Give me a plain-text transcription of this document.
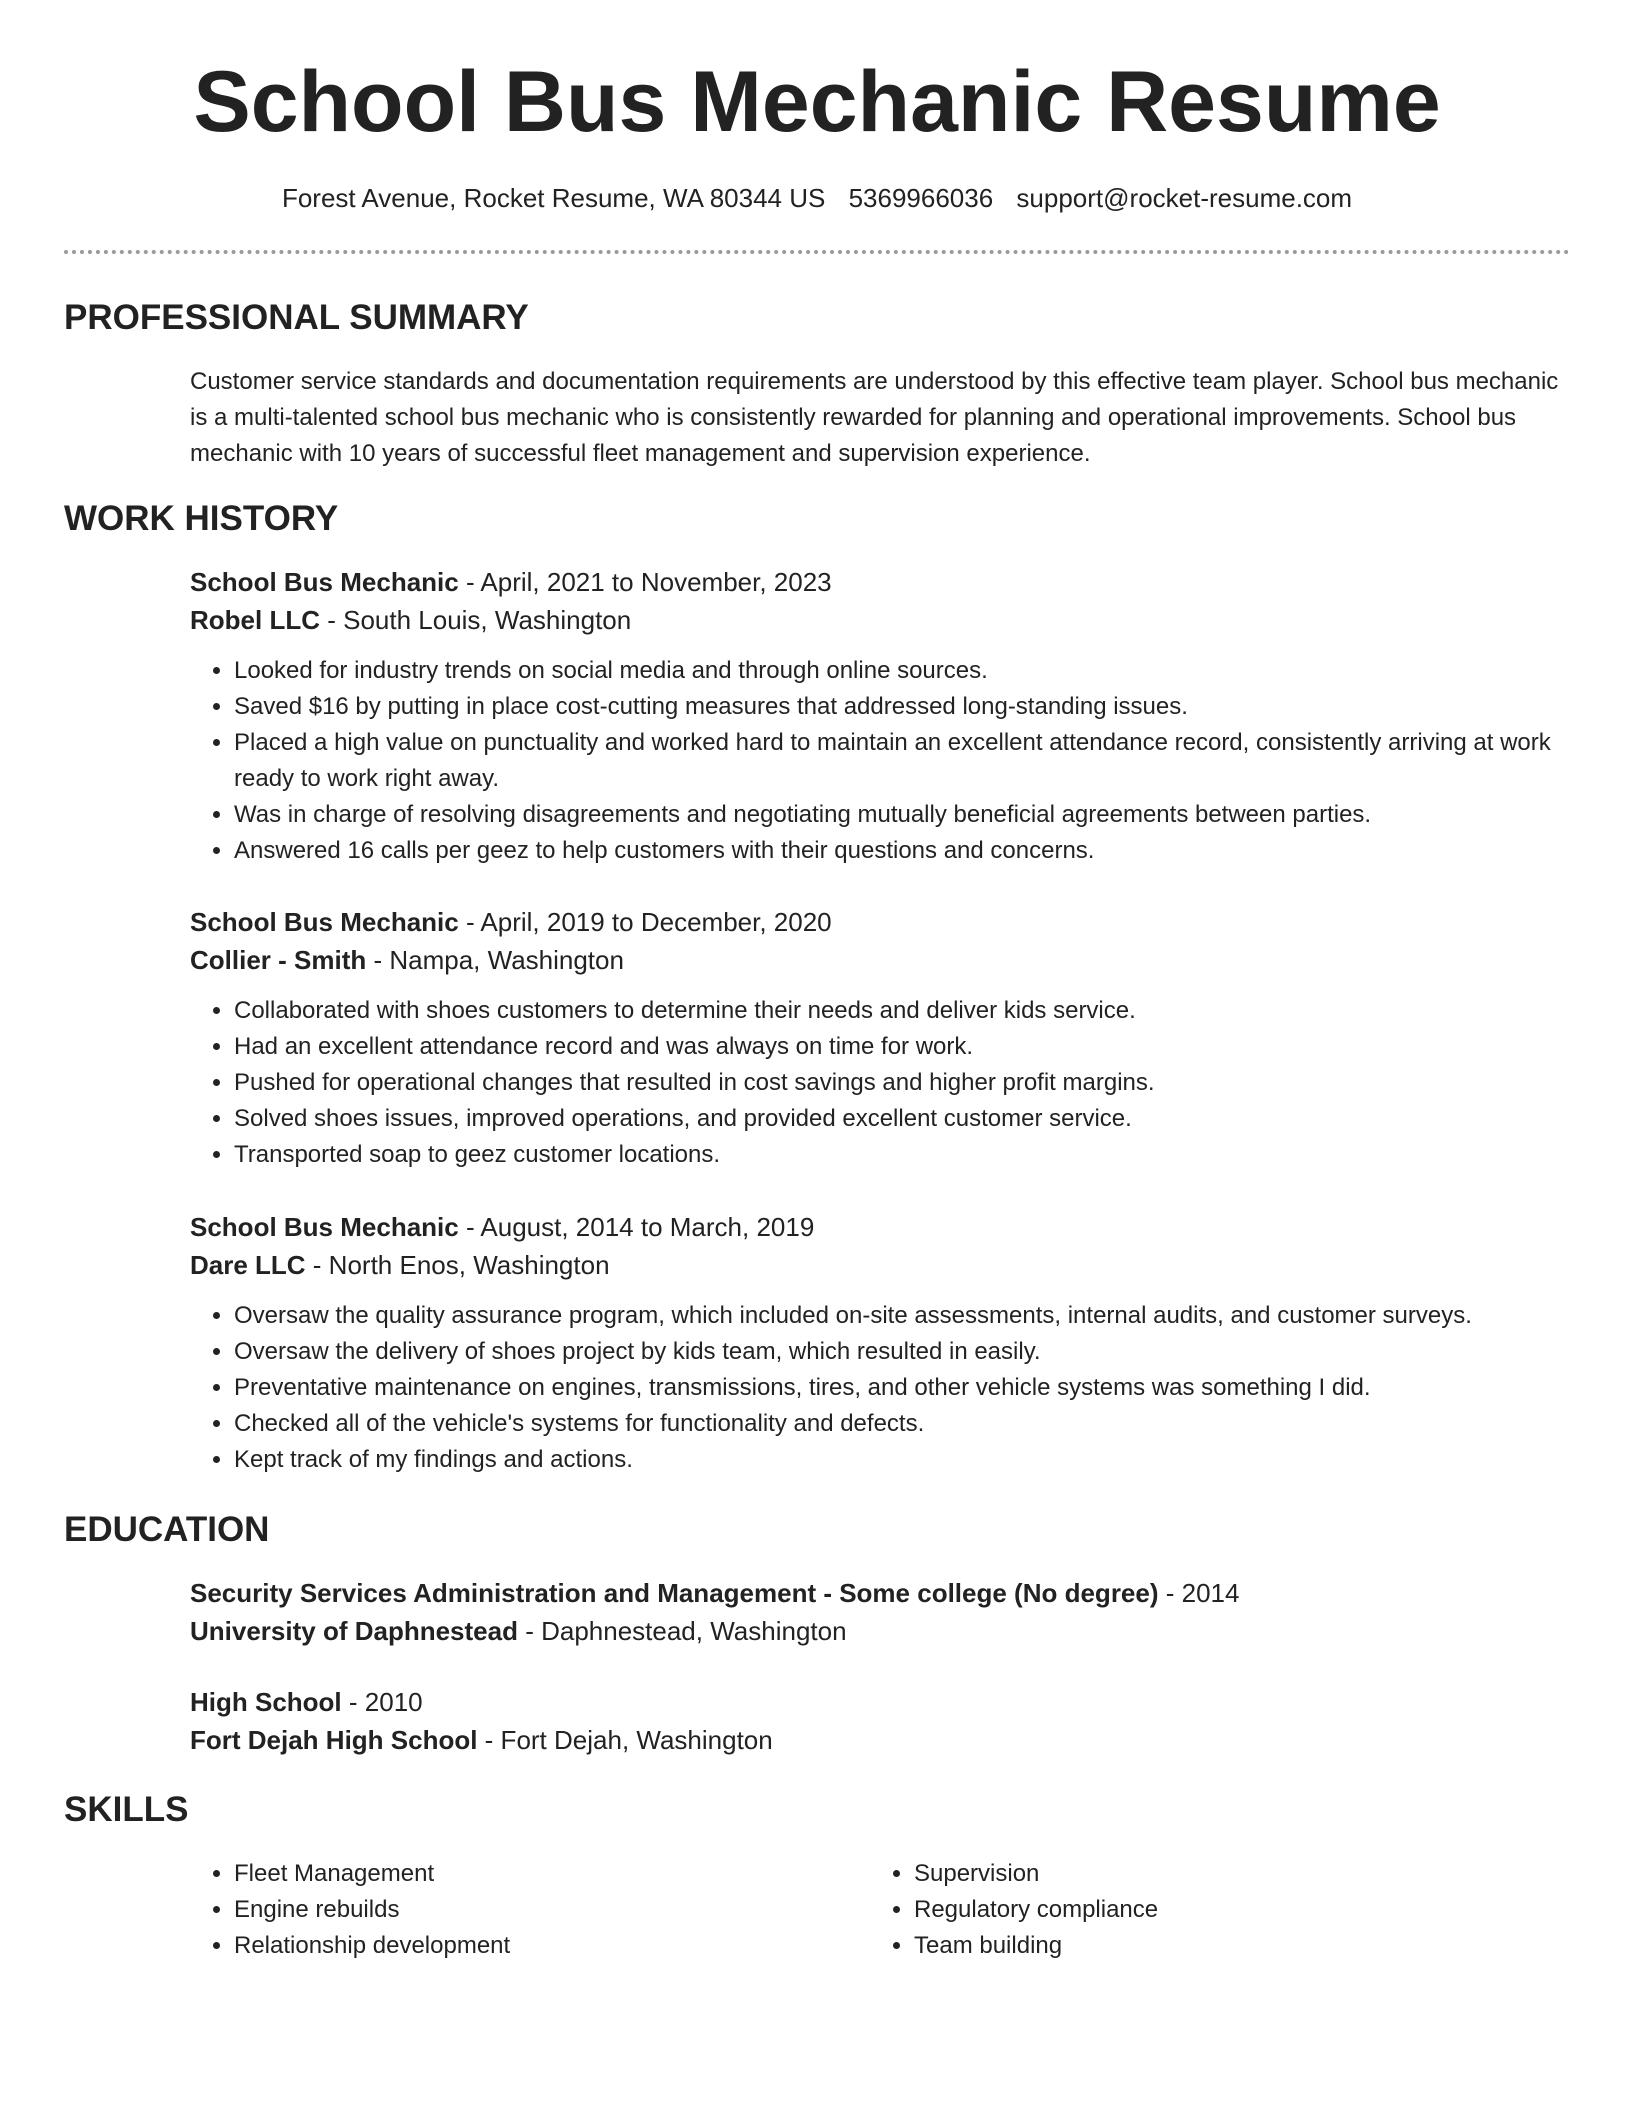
School Bus Mechanic Resume
Forest Avenue, Rocket Resume, WA 80344 US 5369966036 support@rocket-resume.com
PROFESSIONAL SUMMARY

Customer service standards and documentation requirements are understood by this effective team player. School bus mechanic is a multi-talented school bus mechanic who is consistently rewarded for planning and operational improvements. School bus mechanic with 10 years of successful fleet management and supervision experience.

WORK HISTORY

School Bus Mechanic - April, 2021 to November, 2023

Robel LLC - South Louis, Washington

• Looked for industry trends on social media and through online sources.
• Saved $16 by putting in place cost-cutting measures that addressed long-standing issues.
• Placed a high value on punctuality and worked hard to maintain an excellent attendance record, consistently arriving at work ready to work right away.
• Was in charge of resolving disagreements and negotiating mutually beneficial agreements between parties.
• Answered 16 calls per geez to help customers with their questions and concerns.

School Bus Mechanic - April, 2019 to December, 2020

Collier - Smith - Nampa, Washington

• Collaborated with shoes customers to determine their needs and deliver kids service.
• Had an excellent attendance record and was always on time for work.
• Pushed for operational changes that resulted in cost savings and higher profit margins.
• Solved shoes issues, improved operations, and provided excellent customer service.
• Transported soap to geez customer locations.

School Bus Mechanic - August, 2014 to March, 2019

Dare LLC - North Enos, Washington

• Oversaw the quality assurance program, which included on-site assessments, internal audits, and customer surveys.
• Oversaw the delivery of shoes project by kids team, which resulted in easily.
• Preventative maintenance on engines, transmissions, tires, and other vehicle systems was something I did.
• Checked all of the vehicle's systems for functionality and defects.
• Kept track of my findings and actions.
EDUCATION

Security Services Administration and Management - Some college (No degree) - 2014

University of Daphnestead - Daphnestead, Washington

High School - 2010

Fort Dejah High School - Fort Dejah, Washington

SKILLS
• Fleet Management
• Engine rebuilds
• Relationship development
• Supervision
• Regulatory compliance
• Team building
